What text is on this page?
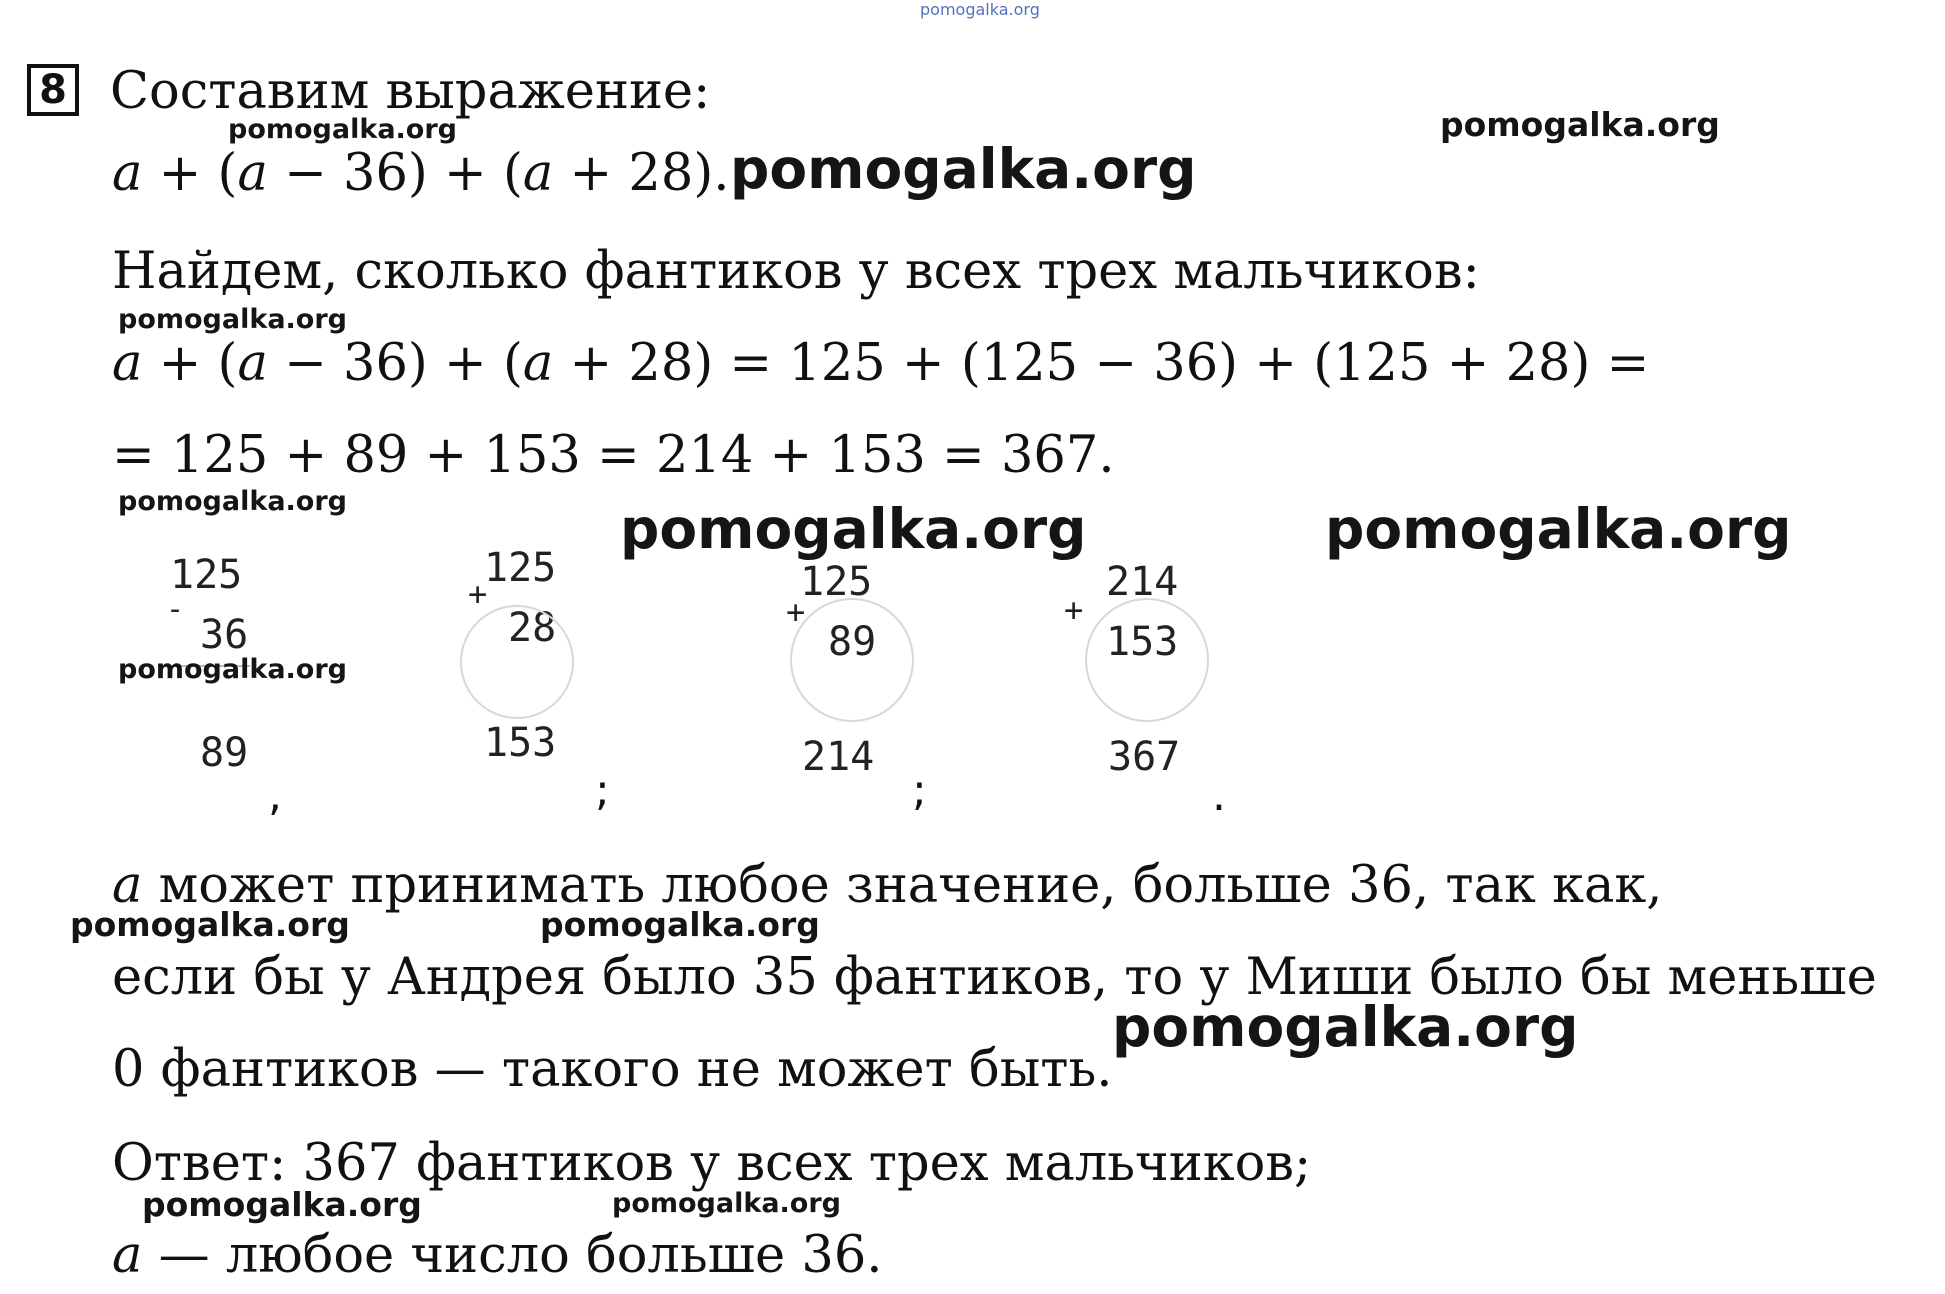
pomogalka.org
8 Составим выражение:
𝑎 + (𝑎 − 36) + (𝑎 + 28).
Найдем, сколько фантиков у всех трех мальчиков:
𝑎 + (𝑎 − 36) + (𝑎 + 28) = 125 + (125 − 36) + (125 + 28) =
= 125 + 89 + 153 = 214 + 153 = 367.
125
-
36
89
,
125
+
28
153
;
125
+
89
214
;
214
+
153
367
.
𝑎 может принимать любое значение, больше 36, так как,
если бы у Андрея было 35 фантиков, то у Миши было бы меньше
0 фантиков — такого не может быть.
Ответ: 367 фантиков у всех трех мальчиков;
𝑎 — любое число больше 36.
pomogalka.org	pomogalka.org
pomogalka.org
pomogalka.org
pomogalka.org	pomogalka.org	pomogalka.org
pomogalka.org
pomogalka.org	pomogalka.org
pomogalka.org
pomogalka.org	pomogalka.org
